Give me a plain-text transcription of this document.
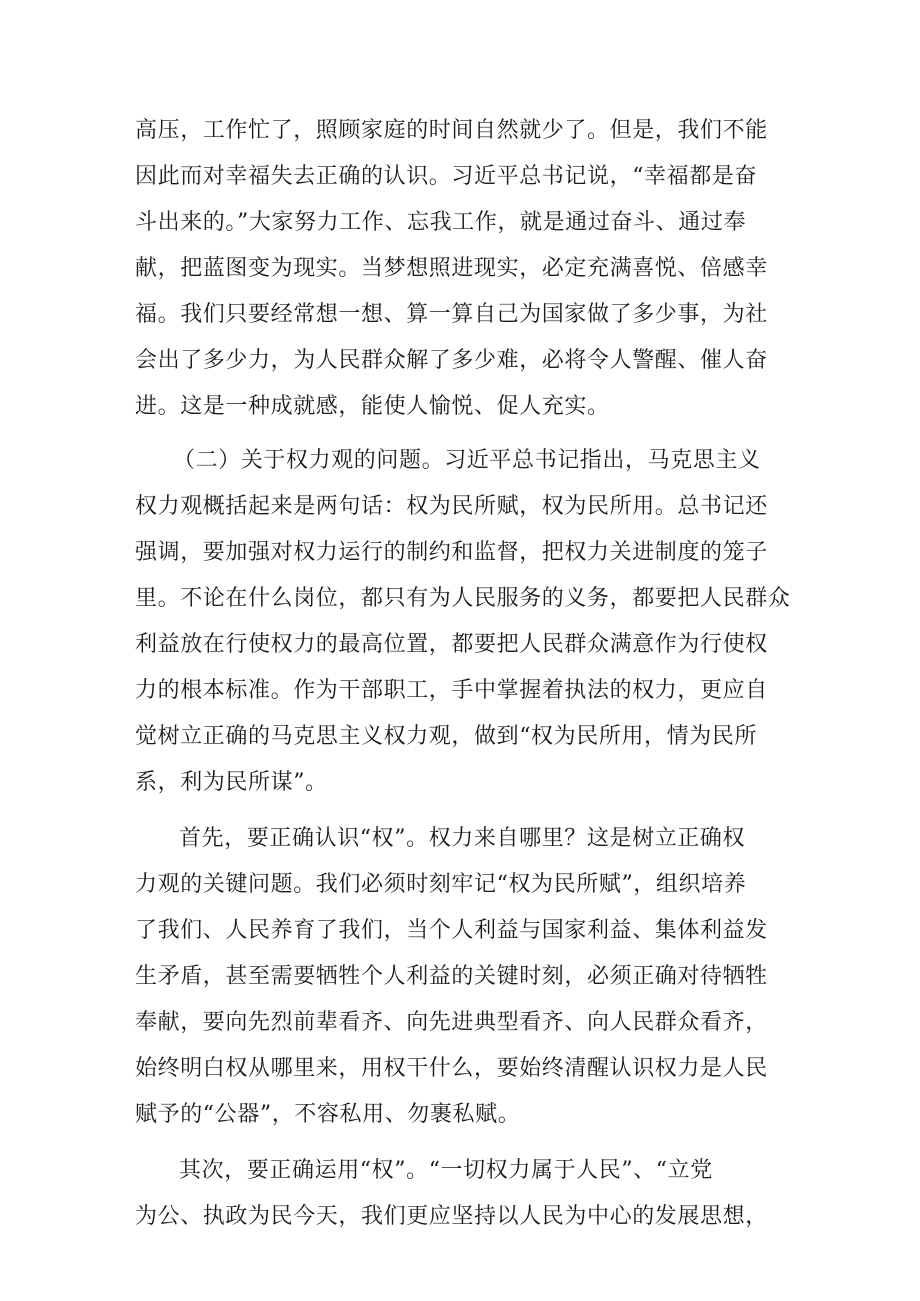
高压，工作忙了，照顾家庭的时间自然就少了。但是，我们不能
因此而对幸福失去正确的认识。习近平总书记说，“幸福都是奋
斗出来的。”大家努力工作、忘我工作，就是通过奋斗、通过奉
献，把蓝图变为现实。当梦想照进现实，必定充满喜悦、倍感幸
福。我们只要经常想一想、算一算自己为国家做了多少事，为社
会出了多少力，为人民群众解了多少难，必将令人警醒、催人奋
进。这是一种成就感，能使人愉悦、促人充实。
（二）关于权力观的问题。习近平总书记指出，马克思主义
权力观概括起来是两句话：权为民所赋，权为民所用。总书记还
强调，要加强对权力运行的制约和监督，把权力关进制度的笼子
里。不论在什么岗位，都只有为人民服务的义务，都要把人民群众
利益放在行使权力的最高位置，都要把人民群众满意作为行使权
力的根本标准。作为干部职工，手中掌握着执法的权力，更应自
觉树立正确的马克思主义权力观，做到“权为民所用，情为民所
系，利为民所谋”。
首先，要正确认识“权”。权力来自哪里？这是树立正确权
力观的关键问题。我们必须时刻牢记“权为民所赋”，组织培养
了我们、人民养育了我们，当个人利益与国家利益、集体利益发
生矛盾，甚至需要牺牲个人利益的关键时刻，必须正确对待牺牲
奉献，要向先烈前辈看齐、向先进典型看齐、向人民群众看齐，
始终明白权从哪里来，用权干什么，要始终清醒认识权力是人民
赋予的“公器”，不容私用、勿裹私赋。
其次，要正确运用“权”。“一切权力属于人民”、“立党
为公、执政为民今天，我们更应坚持以人民为中心的发展思想，
